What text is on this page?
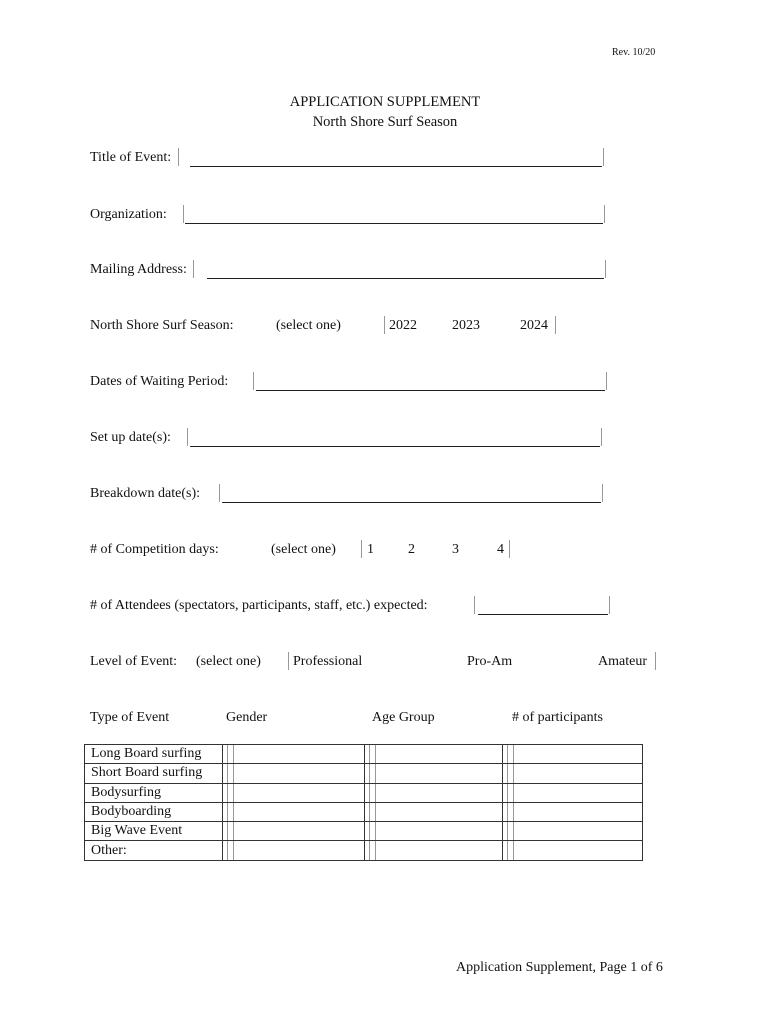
Rev. 10/20
APPLICATION SUPPLEMENT
North Shore Surf Season
Title of Event:
Organization:
Mailing Address:
North Shore Surf Season:	(select one)	2022	2023	2024
Dates of Waiting Period:
Set up date(s):
Breakdown date(s):
# of Competition days:	(select one) 1 2	3	4
# of Attendees (spectators, participants, staff, etc.) expected:
Level of Event: (select one) Professional	Pro-Am	Amateur
Type of Event	Gender	Age Group	# of participants
Long Board surfing	

Short Board surfing	

Bodysurfing	

Bodyboarding	

Big Wave Event	

Other:	

Application Supplement, Page 1 of 6
